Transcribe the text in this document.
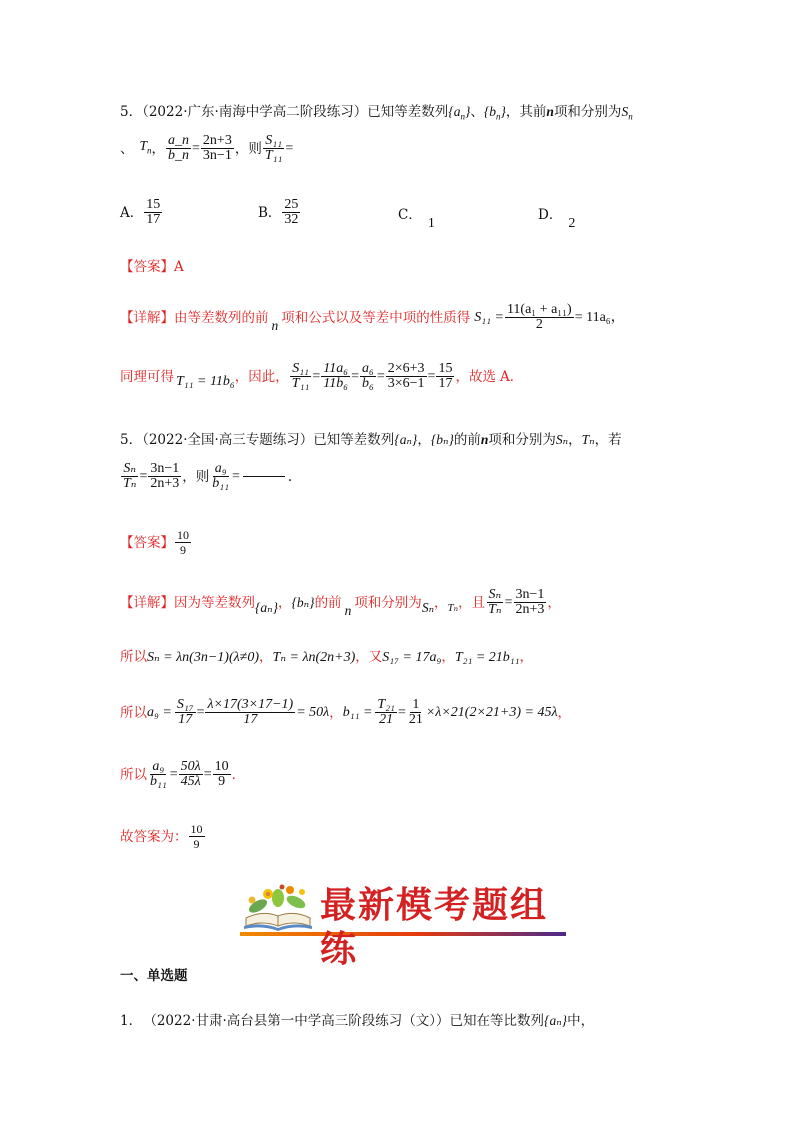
5．（2022·广东·南海中学高二阶段练习）已知等差数列$\{a_n\}$、$\{b_n\}$，其前n项和分别为$S_n$
、 $T_n$ ， $\frac{a\_n}{b\_n} = \frac{2n+3}{3n-1}$ ，则 $\frac{\text{S₁₁}}{\text{T₁₁}}$ =
A． $\frac{15}{17}$	B． $\frac{25}{32}$	C．1
D．2
【答案】A
【详解】 由等差数列的前 n 项和公式以及等差中项的性质得 $S_{11} = \frac{\text{11(a₁ + a₁₁)}}{2} = 11a_6$，
同理可得 T₁₁ = 11b₆ ，因此， $\frac{\text{S₁₁}}{\text{T₁₁}} = \frac{\text{11a₆}}{\text{11b₆}} = \frac{\text{a₆}}{\text{b₆}} = \frac{2\times 6+3}{3\times 6-1} = \frac{15}{17}$ ，故选 A．
5．（2022·全国·高三专题练习）已知等差数列{aₙ}，{bₙ}的前n项和分别为Sₙ，Tₙ，若
$\frac{\text{Sₙ}}{\text{Tₙ}} = \frac{3n-1}{2n+3}$ ，则 $\frac{\text{a₉}}{\text{b₁₁}}$ =	.
【答案】 $\frac{10}{9}$
【详解】 因为等差数列 {aₙ} ， {bₙ} 的前 n 项和分别为 Sₙ ， Tₙ ，且 $\frac{\text{Sₙ}}{\text{Tₙ}} = \frac{3n-1}{2n+3}$ ，
所以Sₙ = λn(3n−1)(λ≠0)，Tₙ = λn(2n+3)，又S₁₇ = 17a₉，T₂₁ = 21b₁₁，
所以 $a_9 = \frac{\text{S₁₇}}{17} = \frac{\lambda\times 17(3\times 17-1)}{17} = 50\lambda$ ， $b_{11} = \frac{\text{T₂₁}}{21} = \frac{1}{21} \times\lambda\times 21(2\times 21+3) = 45\lambda$ ，
所以 $\frac{\text{a₉}}{\text{b₁₁}} = \frac{50\lambda}{45\lambda} = \frac{10}{9}$ ．
故答案为： $\frac{10}{9}$
最新模考题组练
一、单选题
1． （2022·甘肃·高台县第一中学高三阶段练习（文））已知在等比数列{aₙ}中，
